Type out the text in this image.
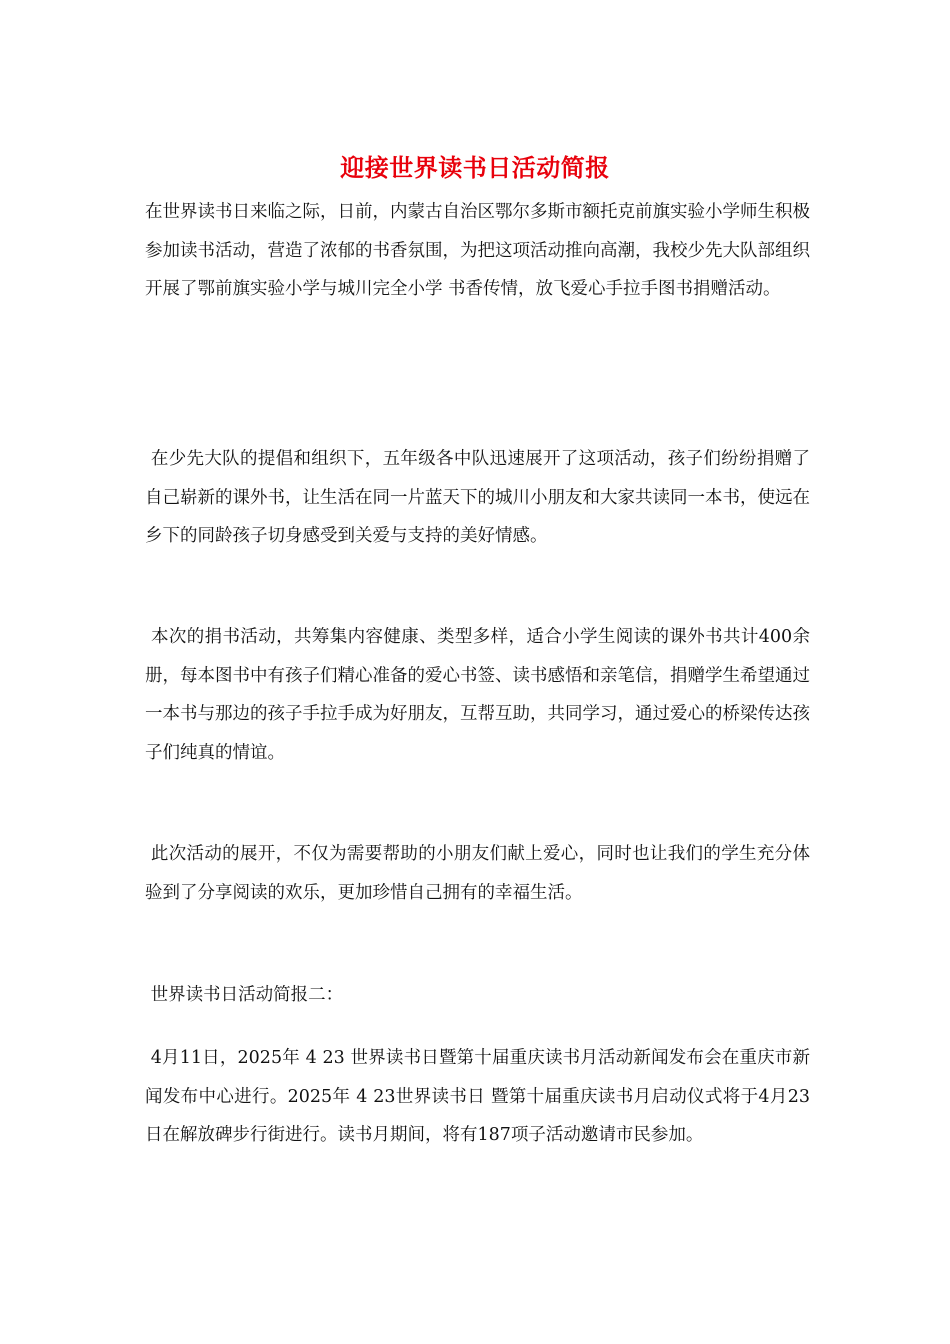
迎接世界读书日活动简报

在世界读书日来临之际，日前，内蒙古自治区鄂尔多斯市额托克前旗实验小学师生积极参加读书活动，营造了浓郁的书香氛围，为把这项活动推向高潮，我校少先大队部组织开展了鄂前旗实验小学与城川完全小学 书香传情，放飞爱心手拉手图书捐赠活动。

在少先大队的提倡和组织下，五年级各中队迅速展开了这项活动，孩子们纷纷捐赠了自己崭新的课外书，让生活在同一片蓝天下的城川小朋友和大家共读同一本书，使远在乡下的同龄孩子切身感受到关爱与支持的美好情感。

本次的捐书活动，共筹集内容健康、类型多样，适合小学生阅读的课外书共计400余册，每本图书中有孩子们精心准备的爱心书签、读书感悟和亲笔信，捐赠学生希望通过一本书与那边的孩子手拉手成为好朋友，互帮互助，共同学习，通过爱心的桥梁传达孩子们纯真的情谊。

此次活动的展开，不仅为需要帮助的小朋友们献上爱心，同时也让我们的学生充分体验到了分享阅读的欢乐，更加珍惜自己拥有的幸福生活。

世界读书日活动简报二：

4月11日，2025年 4 23 世界读书日暨第十届重庆读书月活动新闻发布会在重庆市新闻发布中心进行。2025年 4 23世界读书日 暨第十届重庆读书月启动仪式将于4月23日在解放碑步行街进行。读书月期间，将有187项子活动邀请市民参加。
